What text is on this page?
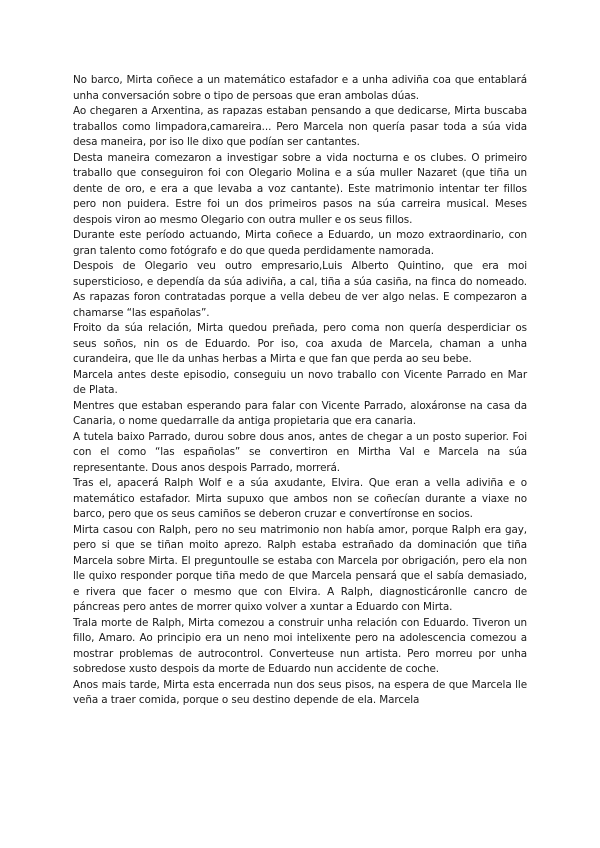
No barco, Mirta coñece a un matemático estafador e a unha adiviña coa que entablará unha conversación sobre o tipo de persoas que eran ambolas dúas.

Ao chegaren a Arxentina, as rapazas estaban pensando a que dedicarse, Mirta buscaba traballos como limpadora,camareira... Pero Marcela non quería pasar toda a súa vida desa maneira, por iso lle dixo que podían ser cantantes.

Desta maneira comezaron a investigar sobre a vida nocturna e os clubes. O primeiro traballo que conseguiron foi con Olegario Molina e a súa muller Nazaret (que tiña un dente de oro, e era a que levaba a voz cantante). Este matrimonio intentar ter fillos pero non puidera. Estre foi un dos primeiros pasos na súa carreira musical. Meses despois viron ao mesmo Olegario con outra muller e os seus fillos.

Durante este período actuando, Mirta coñece a Eduardo, un mozo extraordinario, con gran talento como fotógrafo e do que queda perdidamente namorada.

Despois de Olegario veu outro empresario,Luis Alberto Quintino, que era moi supersticioso, e dependía da súa adiviña, a cal, tiña a súa casiña, na finca do nomeado. As rapazas foron contratadas porque a vella debeu de ver algo nelas. E compezaron a chamarse “las españolas”.

Froito da súa relación, Mirta quedou preñada, pero coma non quería desperdiciar os seus soños, nin os de Eduardo. Por iso, coa axuda de Marcela, chaman a unha curandeira, que lle da unhas herbas a Mirta e que fan que perda ao seu bebe.

Marcela antes deste episodio, conseguiu un novo traballo con Vicente Parrado en Mar de Plata.

Mentres que estaban esperando para falar con Vicente Parrado, aloxáronse na casa da Canaria, o nome quedarralle da antiga propietaria que era canaria.

A tutela baixo Parrado, durou sobre dous anos, antes de chegar a un posto superior. Foi con el como “las españolas” se convertiron en Mirtha Val e Marcela na súa representante. Dous anos despois Parrado, morrerá.

Tras el, apacerá Ralph Wolf e a súa axudante, Elvira. Que eran a vella adiviña e o matemático estafador. Mirta supuxo que ambos non se coñecían durante a viaxe no barco, pero que os seus camiños se deberon cruzar e convertíronse en socios.

Mirta casou con Ralph, pero no seu matrimonio non había amor, porque Ralph era gay, pero si que se tiñan moito aprezo. Ralph estaba estrañado da dominación que tiña Marcela sobre Mirta. El preguntoulle se estaba con Marcela por obrigación, pero ela non lle quixo responder porque tiña medo de que Marcela pensará que el sabía demasiado, e rivera que facer o mesmo que con Elvira. A Ralph, diagnosticáronlle cancro de páncreas pero antes de morrer quixo volver a xuntar a Eduardo con Mirta.

Trala morte de Ralph, Mirta comezou a construir unha relación con Eduardo. Tiveron un fillo, Amaro. Ao principio era un neno moi intelixente pero na adolescencia comezou a mostrar problemas de autrocontrol. Converteuse nun artista. Pero morreu por unha sobredose xusto despois da morte de Eduardo nun accidente de coche.

Anos mais tarde, Mirta esta encerrada nun dos seus pisos, na espera de que Marcela lle veña a traer comida, porque o seu destino depende de ela. Marcela
